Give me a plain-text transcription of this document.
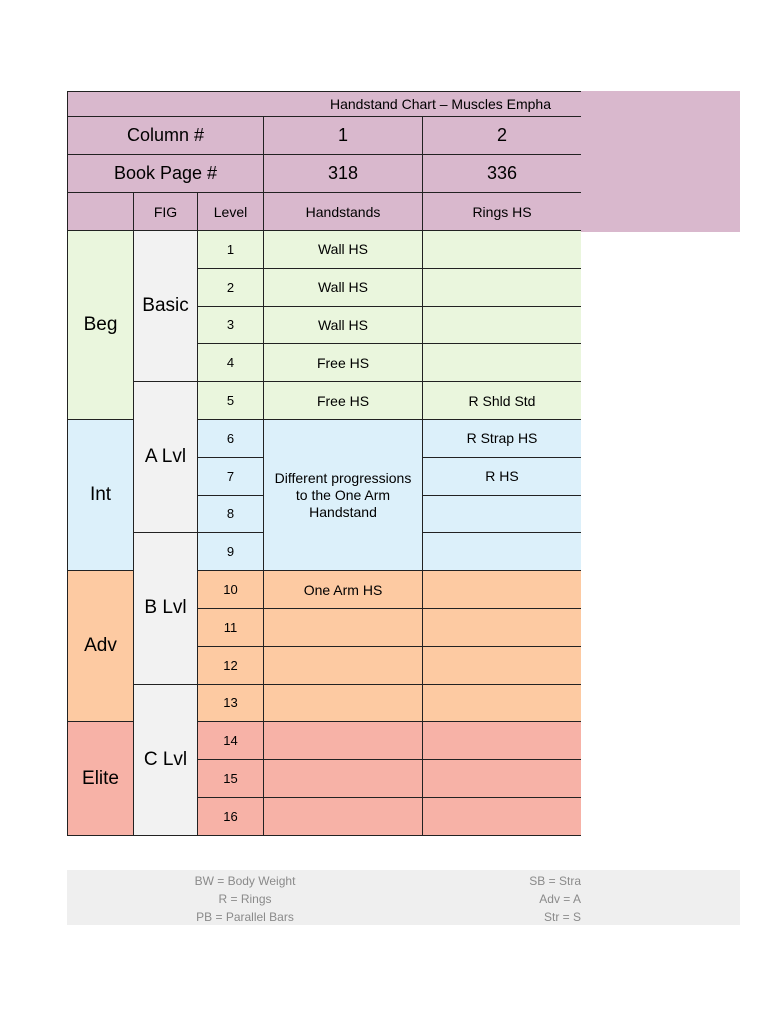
Handstand Chart – Muscles Empha				
Column #			1	2
Book Page #			318	336
	FIG	Level	Handstands	Rings HS
Beg	Basic	1	Wall HS	
		2	Wall HS	
		3	Wall HS	
		4	Free HS	
	A Lvl	5	Free HS	R Shld Std
Int		6	Different progressions to the One Arm Handstand	R Strap HS
		7		R HS
		8		
	B Lvl	9		
Adv		10	One Arm HS	
		11		
		12		
	C Lvl	13		
Elite		14		
		15		
		16		
BW = Body Weight
R = Rings
PB = Parallel Bars
SB = Stra
Adv = A
Str = S
